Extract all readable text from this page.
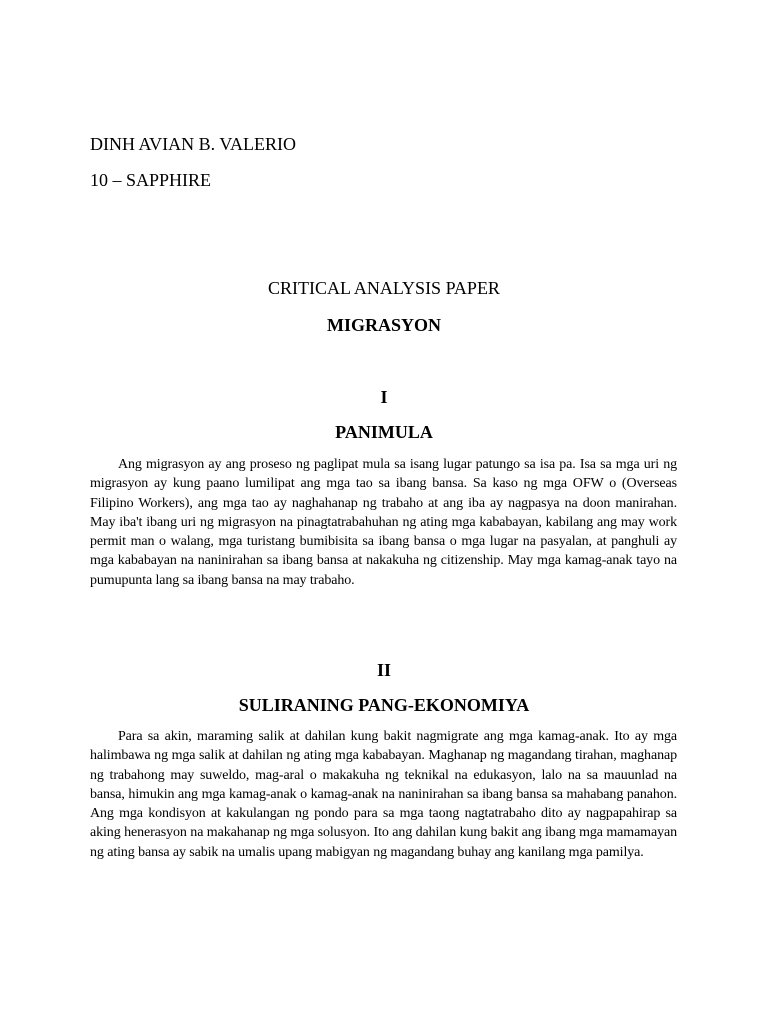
DINH AVIAN B. VALERIO
10 – SAPPHIRE
CRITICAL ANALYSIS PAPER
MIGRASYON
I
PANIMULA
Ang migrasyon ay ang proseso ng paglipat mula sa isang lugar patungo sa isa pa. Isa sa mga uri ng migrasyon ay kung paano lumilipat ang mga tao sa ibang bansa. Sa kaso ng mga OFW o (Overseas Filipino Workers), ang mga tao ay naghahanap ng trabaho at ang iba ay nagpasya na doon manirahan. May iba't ibang uri ng migrasyon na pinagtatrabahuhan ng ating mga kababayan, kabilang ang may work permit man o walang, mga turistang bumibisita sa ibang bansa o mga lugar na pasyalan, at panghuli ay mga kababayan na naninirahan sa ibang bansa at nakakuha ng citizenship. May mga kamag-anak tayo na pumupunta lang sa ibang bansa na may trabaho.
II
SULIRANING PANG-EKONOMIYA
Para sa akin, maraming salik at dahilan kung bakit nagmigrate ang mga kamag-anak. Ito ay mga halimbawa ng mga salik at dahilan ng ating mga kababayan. Maghanap ng magandang tirahan, maghanap ng trabahong may suweldo, mag-aral o makakuha ng teknikal na edukasyon, lalo na sa mauunlad na bansa, himukin ang mga kamag-anak o kamag-anak na naninirahan sa ibang bansa sa mahabang panahon. Ang mga kondisyon at kakulangan ng pondo para sa mga taong nagtatrabaho dito ay nagpapahirap sa aking henerasyon na makahanap ng mga solusyon. Ito ang dahilan kung bakit ang ibang mga mamamayan ng ating bansa ay sabik na umalis upang mabigyan ng magandang buhay ang kanilang mga pamilya.
